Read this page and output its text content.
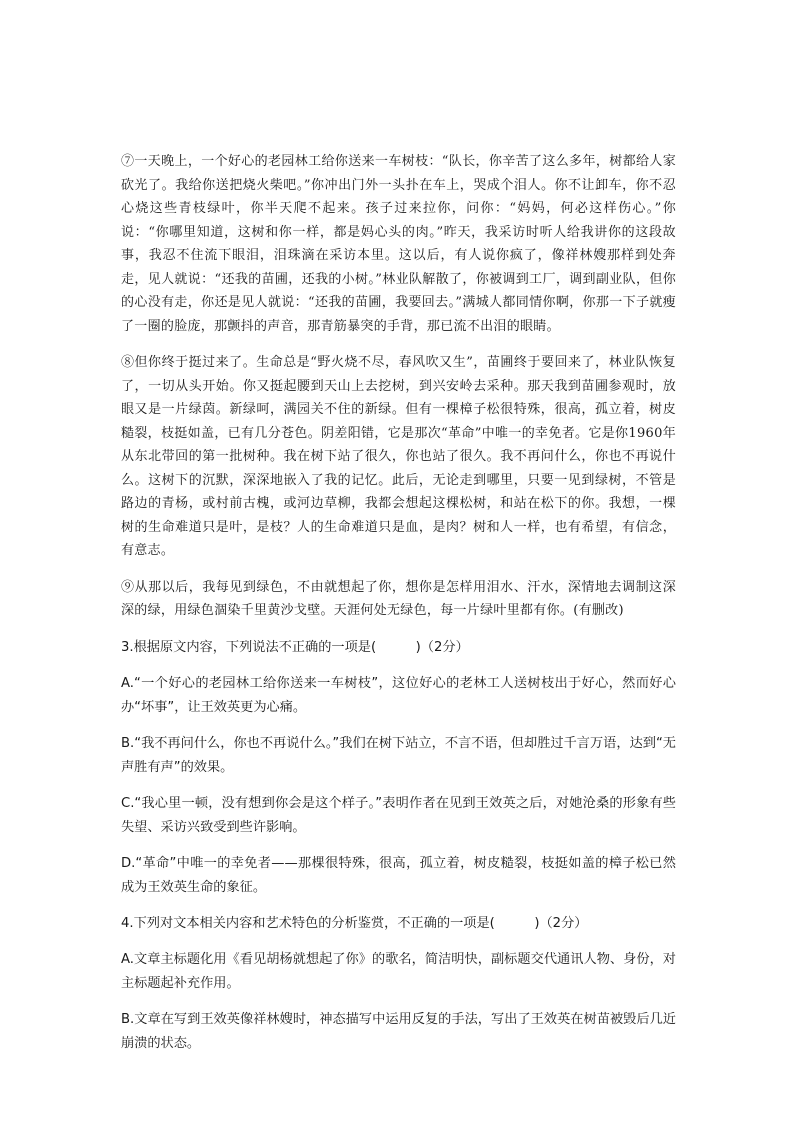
⑦一天晚上，一个好心的老园林工给你送来一车树枝：“队长，你辛苦了这么多年，树都给人家砍光了。我给你送把烧火柴吧。”你冲出门外一头扑在车上，哭成个泪人。你不让卸车，你不忍心烧这些青枝绿叶，你半天爬不起来。孩子过来拉你，问你：“妈妈，何必这样伤心。”你说：“你哪里知道，这树和你一样，都是妈心头的肉。”昨天，我采访时听人给我讲你的这段故事，我忍不住流下眼泪，泪珠滴在采访本里。这以后，有人说你疯了，像祥林嫂那样到处奔走，见人就说：“还我的苗圃，还我的小树。”林业队解散了，你被调到工厂，调到副业队，但你的心没有走，你还是见人就说：“还我的苗圃，我要回去。”满城人都同情你啊，你那一下子就瘦了一圈的脸庞，那颤抖的声音，那青筋暴突的手背，那已流不出泪的眼睛。

⑧但你终于挺过来了。生命总是“野火烧不尽，春风吹又生”，苗圃终于要回来了，林业队恢复了，一切从头开始。你又挺起腰到天山上去挖树，到兴安岭去采种。那天我到苗圃参观时，放眼又是一片绿茵。新绿呵，满园关不住的新绿。但有一棵樟子松很特殊，很高，孤立着，树皮糙裂，枝挺如盖，已有几分苍色。阴差阳错，它是那次“革命”中唯一的幸免者。它是你1960年从东北带回的第一批树种。我在树下站了很久，你也站了很久。我不再问什么，你也不再说什么。这树下的沉默，深深地嵌入了我的记忆。此后，无论走到哪里，只要一见到绿树，不管是路边的青杨，或村前古槐，或河边草柳，我都会想起这棵松树，和站在松下的你。我想，一棵树的生命难道只是叶，是枝？人的生命难道只是血，是肉？树和人一样，也有希望，有信念，有意志。

⑨从那以后，我每见到绿色，不由就想起了你，想你是怎样用泪水、汗水，深情地去调制这深深的绿，用绿色涸染千里黄沙戈壁。天涯何处无绿色，每一片绿叶里都有你。(有删改)

3.根据原文内容，下列说法不正确的一项是(　　　)（2分）

A.“一个好心的老园林工给你送来一车树枝”，这位好心的老林工人送树枝出于好心，然而好心办“坏事”，让王效英更为心痛。

B.“我不再问什么，你也不再说什么。”我们在树下站立，不言不语，但却胜过千言万语，达到“无声胜有声”的效果。

C.“我心里一顿，没有想到你会是这个样子。”表明作者在见到王效英之后，对她沧桑的形象有些失望、采访兴致受到些许影响。

D.“革命”中唯一的幸免者——那棵很特殊，很高，孤立着，树皮糙裂，枝挺如盖的樟子松已然成为王效英生命的象征。

4.下列对文本相关内容和艺术特色的分析鉴赏，不正确的一项是(　　　)（2分）

A.文章主标题化用《看见胡杨就想起了你》的歌名，简洁明快，副标题交代通讯人物、身份，对主标题起补充作用。

B.文章在写到王效英像祥林嫂时，神态描写中运用反复的手法，写出了王效英在树苗被毁后几近崩溃的状态。
